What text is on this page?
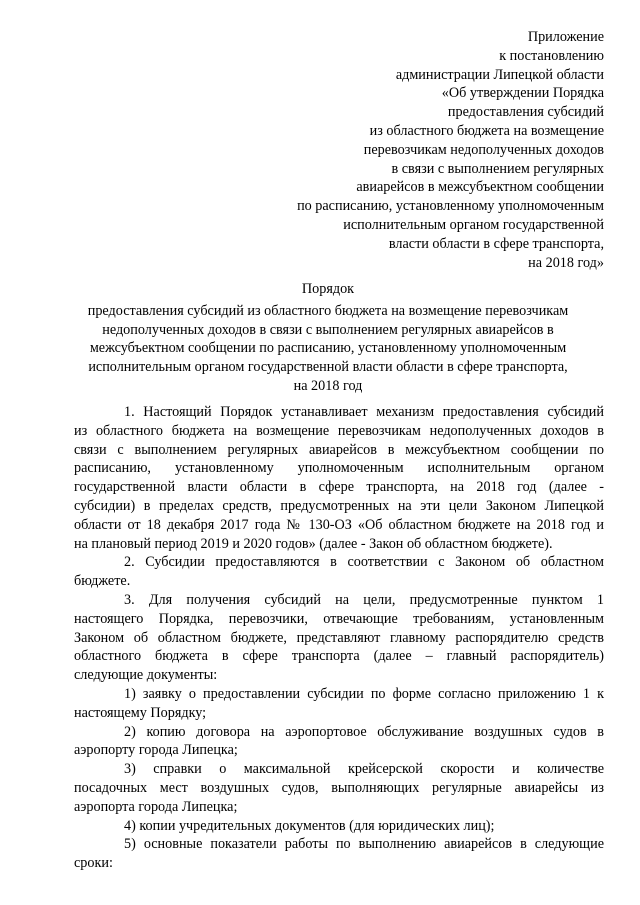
Приложение
к постановлению
администрации Липецкой области
«Об утверждении Порядка
предоставления субсидий
из областного бюджета на возмещение
перевозчикам недополученных доходов
в связи с выполнением регулярных
авиарейсов в межсубъектном сообщении
по расписанию, установленному уполномоченным
исполнительным органом государственной
власти области в сфере транспорта,
на 2018 год»
Порядок
предоставления субсидий из областного бюджета на возмещение перевозчикам
недополученных доходов в связи с выполнением регулярных авиарейсов в
межсубъектном сообщении по расписанию, установленному уполномоченным
исполнительным органом государственной власти области в сфере транспорта,
на 2018 год
1. Настоящий Порядок устанавливает механизм предоставления субсидий
из областного бюджета на возмещение перевозчикам недополученных доходов в
связи с выполнением регулярных авиарейсов в межсубъектном сообщении по
расписанию, установленному уполномоченным исполнительным органом
государственной власти области в сфере транспорта, на 2018 год (далее -
субсидии) в пределах средств, предусмотренных на эти цели Законом Липецкой
области от 18 декабря 2017 года № 130-ОЗ «Об областном бюджете на 2018 год и
на плановый период 2019 и 2020 годов» (далее - Закон об областном бюджете).
2. Субсидии предоставляются в соответствии с Законом об областном
бюджете.
3. Для получения субсидий на цели, предусмотренные пунктом 1
настоящего Порядка, перевозчики, отвечающие требованиям, установленным
Законом об областном бюджете, представляют главному распорядителю средств
областного бюджета в сфере транспорта (далее – главный распорядитель)
следующие документы:
1) заявку о предоставлении субсидии по форме согласно приложению 1 к
настоящему Порядку;
2) копию договора на аэропортовое обслуживание воздушных судов в
аэропорту города Липецка;
3) справки о максимальной крейсерской скорости и количестве
посадочных мест воздушных судов, выполняющих регулярные авиарейсы из
аэропорта города Липецка;
4) копии учредительных документов (для юридических лиц);
5) основные показатели работы по выполнению авиарейсов в следующие
сроки:
